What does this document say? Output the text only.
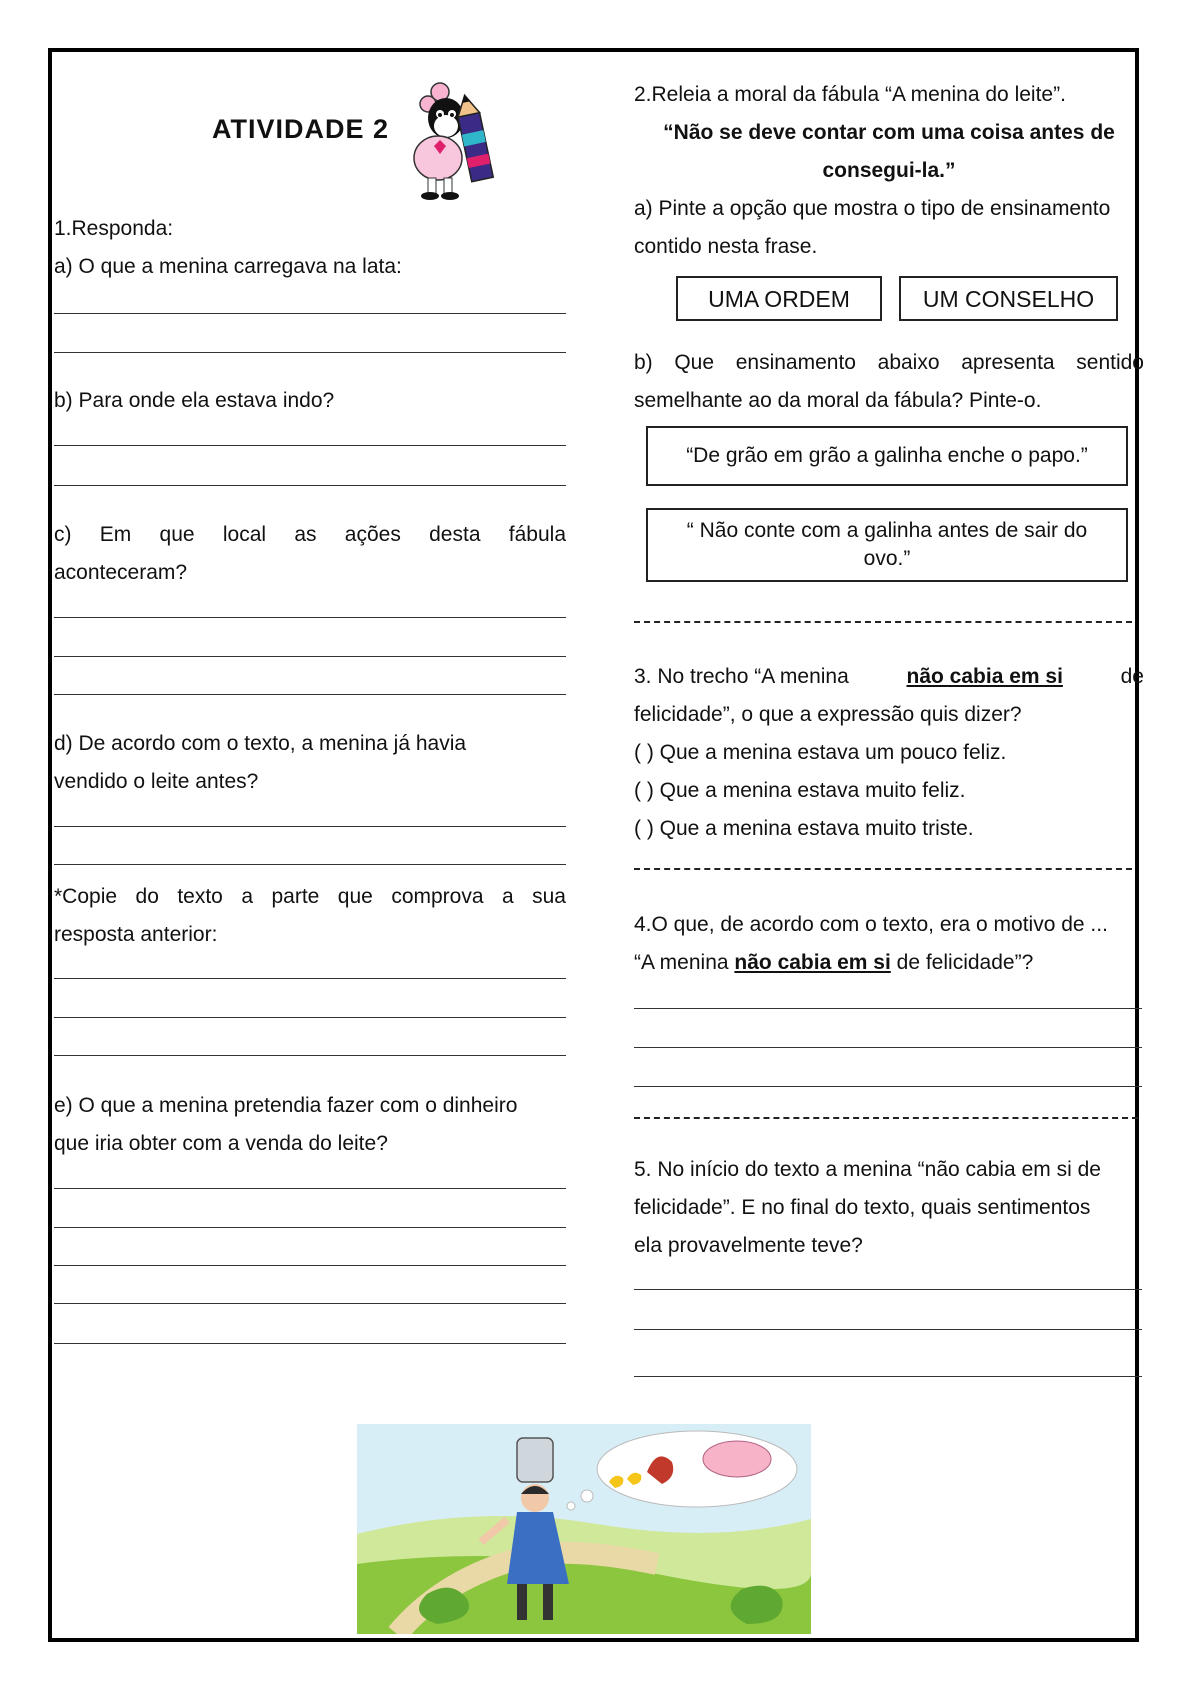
ATIVIDADE 2
1.Responda:
a) O que a menina carregava na lata:
b) Para onde ela estava indo?
c) Em que local as ações desta fábula
aconteceram?
d) De acordo com o texto, a menina já havia
vendido o leite antes?
*Copie do texto a parte que comprova a sua
resposta anterior:
e) O que a menina pretendia fazer com o dinheiro
que iria obter com a venda do leite?
2.Releia a moral da fábula “A menina do leite”.
“Não se deve contar com uma coisa antes de
consegui-la.”
a) Pinte a opção que mostra o tipo de ensinamento
contido nesta frase.
UMA ORDEM	UM CONSELHO
b) Que ensinamento abaixo apresenta sentido
semelhante ao da moral da fábula? Pinte-o.
“De grão em grão a galinha enche o papo.”
“ Não conte com a galinha antes de sair do ovo.”
3. No trecho “A menina	não cabia em si	de
felicidade”, o que a expressão quis dizer?
( ) Que a menina estava um pouco feliz.
( ) Que a menina estava muito feliz.
( ) Que a menina estava muito triste.
4.O que, de acordo com o texto, era o motivo de ...
“A menina não cabia em si de felicidade”?
5. No início do texto a menina “não cabia em si de
felicidade”. E no final do texto, quais sentimentos
ela provavelmente teve?
